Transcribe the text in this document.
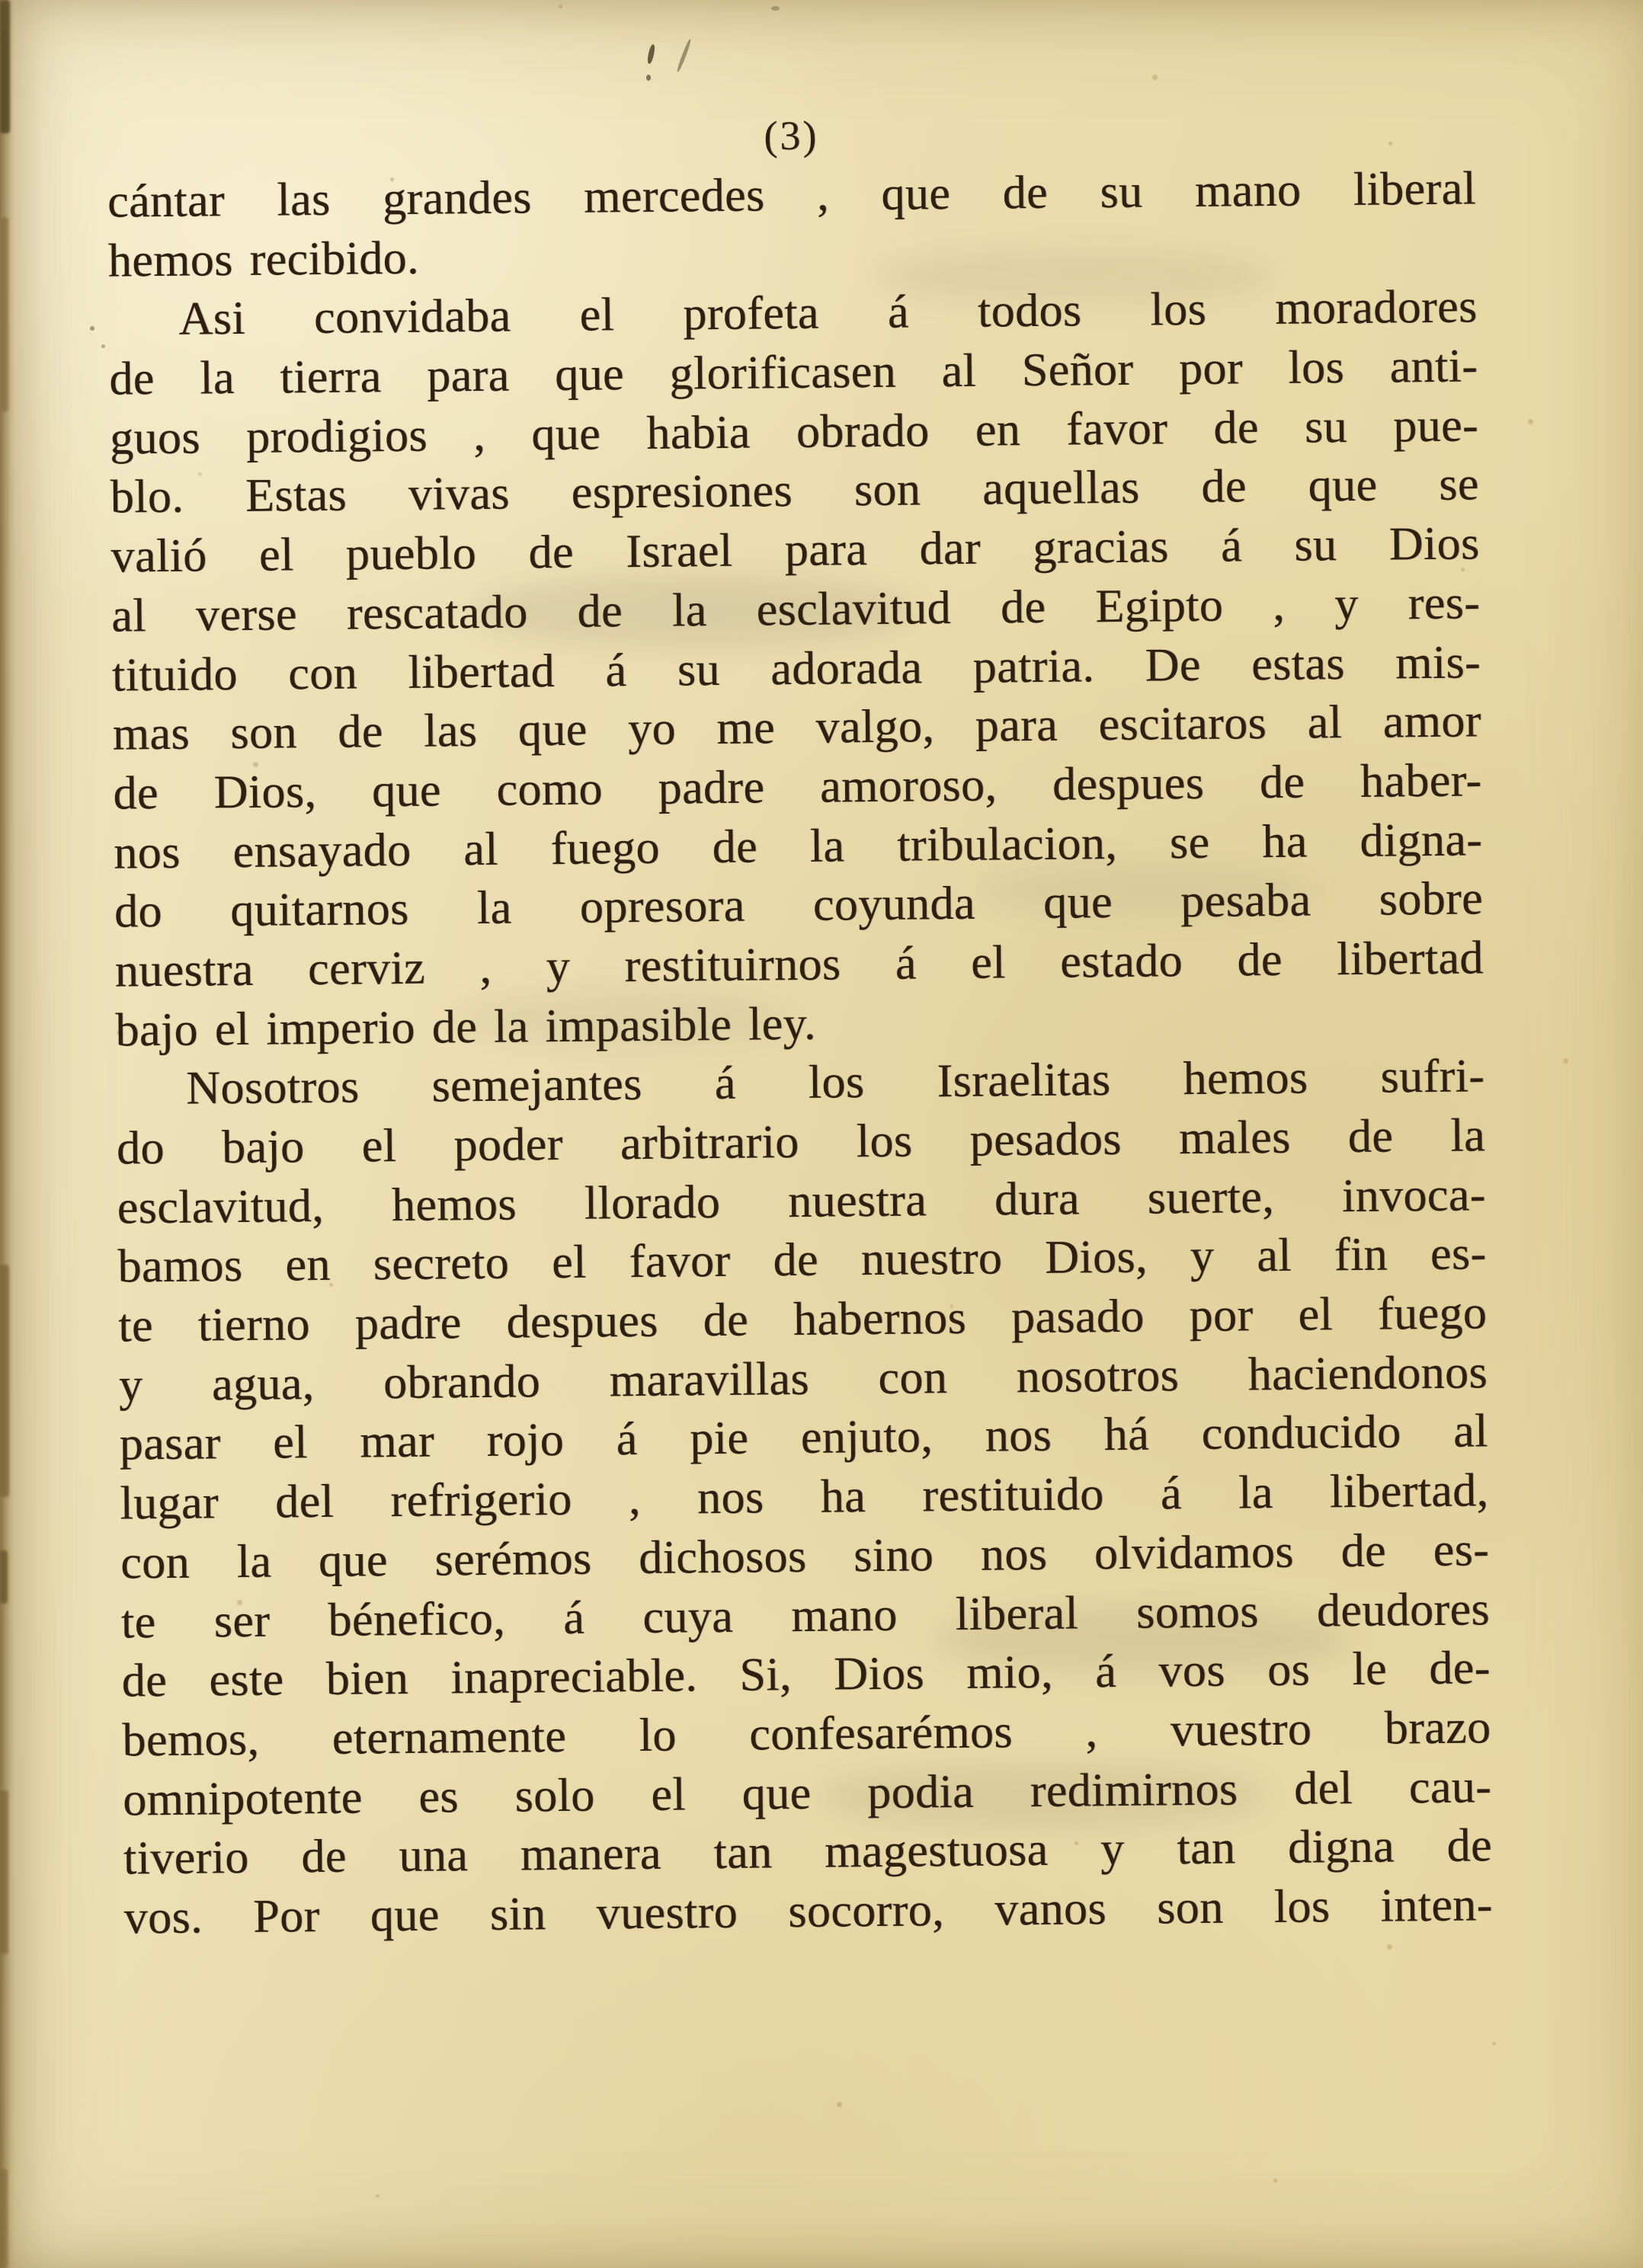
(3)
cántar las grandes mercedes , que de su mano liberal
hemos recibido.
Asi convidaba el profeta á todos los moradores
de la tierra para que glorificasen al Señor por los anti-
guos prodigios , que habia obrado en favor de su pue-
blo. Estas vivas espresiones son aquellas de que se
valió el pueblo de Israel para dar gracias á su Dios
al verse rescatado de la esclavitud de Egipto , y res-
tituido con libertad á su adorada patria. De estas mis-
mas son de las que yo me valgo, para escitaros al amor
de Dios, que como padre amoroso, despues de haber-
nos ensayado al fuego de la tribulacion, se ha digna-
do quitarnos la opresora coyunda que pesaba sobre
nuestra cerviz , y restituirnos á el estado de libertad
bajo el imperio de la impasible ley.
Nosotros semejantes á los Israelitas hemos sufri-
do bajo el poder arbitrario los pesados males de la
esclavitud, hemos llorado nuestra dura suerte, invoca-
bamos en secreto el favor de nuestro Dios, y al fin es-
te tierno padre despues de habernos pasado por el fuego
y agua, obrando maravillas con nosotros haciendonos
pasar el mar rojo á pie enjuto, nos há conducido al
lugar del refrigerio , nos ha restituido á la libertad,
con la que serémos dichosos sino nos olvidamos de es-
te ser bénefico, á cuya mano liberal somos deudores
de este bien inapreciable. Si, Dios mio, á vos os le de-
bemos, eternamente lo confesarémos , vuestro brazo
omnipotente es solo el que podia redimirnos del cau-
tiverio de una manera tan magestuosa y tan digna de
vos. Por que sin vuestro socorro, vanos son los inten-
